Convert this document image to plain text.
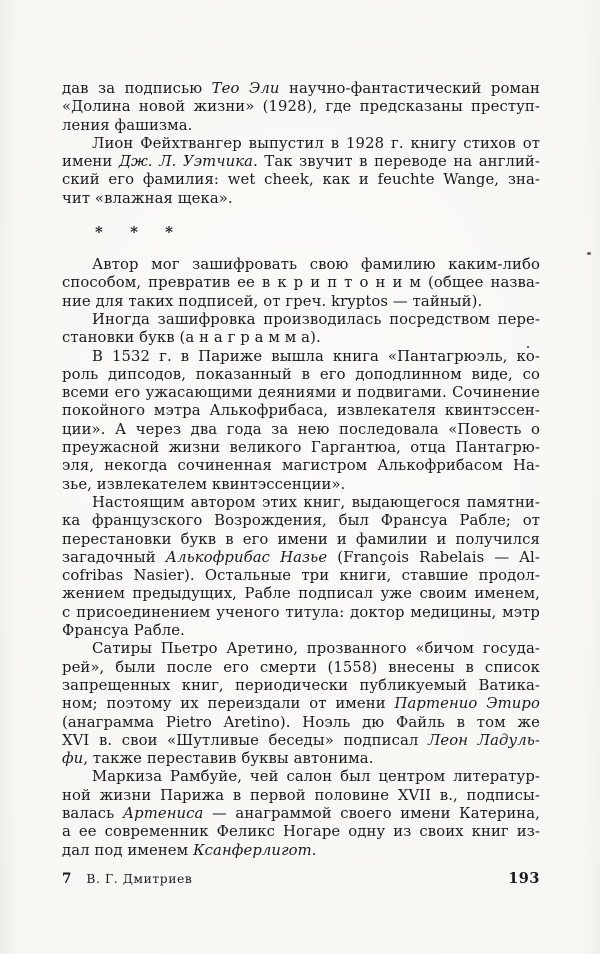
дав за подписью Тео Эли научно-фантастический роман
«Долина новой жизни» (1928), где предсказаны преступ-
ления фашизма.
Лион Фейхтвангер выпустил в 1928 г. книгу стихов от
имени Дж. Л. Уэтчика. Так звучит в переводе на англий-
ский его фамилия: wet cheek, как и feuchte Wange, зна-
чит «влажная щека».
* * *
Автор мог зашифровать свою фамилию каким-либо
способом, превратив ее в к р и п т о н и м (общее назва-
ние для таких подписей, от греч. kryptos — тайный).
Иногда зашифровка производилась посредством пере-
становки букв (а н а г р а м м а).
В 1532 г. в Париже вышла книга «Пантагрюэль, ко-
роль дипсодов, показанный в его доподлинном виде, со
всеми его ужасающими деяниями и подвигами. Сочинение
покойного мэтра Алькофрибаса, извлекателя квинтэссен-
ции». А через два года за нею последовала «Повесть о
преужасной жизни великого Гаргантюа, отца Пантагрю-
эля, некогда сочиненная магистром Алькофрибасом На-
зье, извлекателем квинтэссенции».
Настоящим автором этих книг, выдающегося памятни-
ка французского Возрождения, был Франсуа Рабле; от
перестановки букв в его имени и фамилии и получился
загадочный Алькофрибас Назье (François Rabelais — Al-
cofribas Nasier). Остальные три книги, ставшие продол-
жением предыдущих, Рабле подписал уже своим именем,
с присоединением ученого титула: доктор медицины, мэтр
Франсуа Рабле.
Сатиры Пьетро Аретино, прозванного «бичом госуда-
рей», были после его смерти (1558) внесены в список
запрещенных книг, периодически публикуемый Ватика-
ном; поэтому их переиздали от имени Партенио Этиро
(анаграмма Pietro Aretino). Ноэль дю Файль в том же
XVI в. свои «Шутливые беседы» подписал Леон Ладуль-
фи, также переставив буквы автонима.
Маркиза Рамбуйе, чей салон был центром литератур-
ной жизни Парижа в первой половине XVII в., подписы-
валась Артениса — анаграммой своего имени Катерина,
а ее современник Феликс Ногаре одну из своих книг из-
дал под именем Ксанферлигот.
7 В. Г. Дмитриев	193
